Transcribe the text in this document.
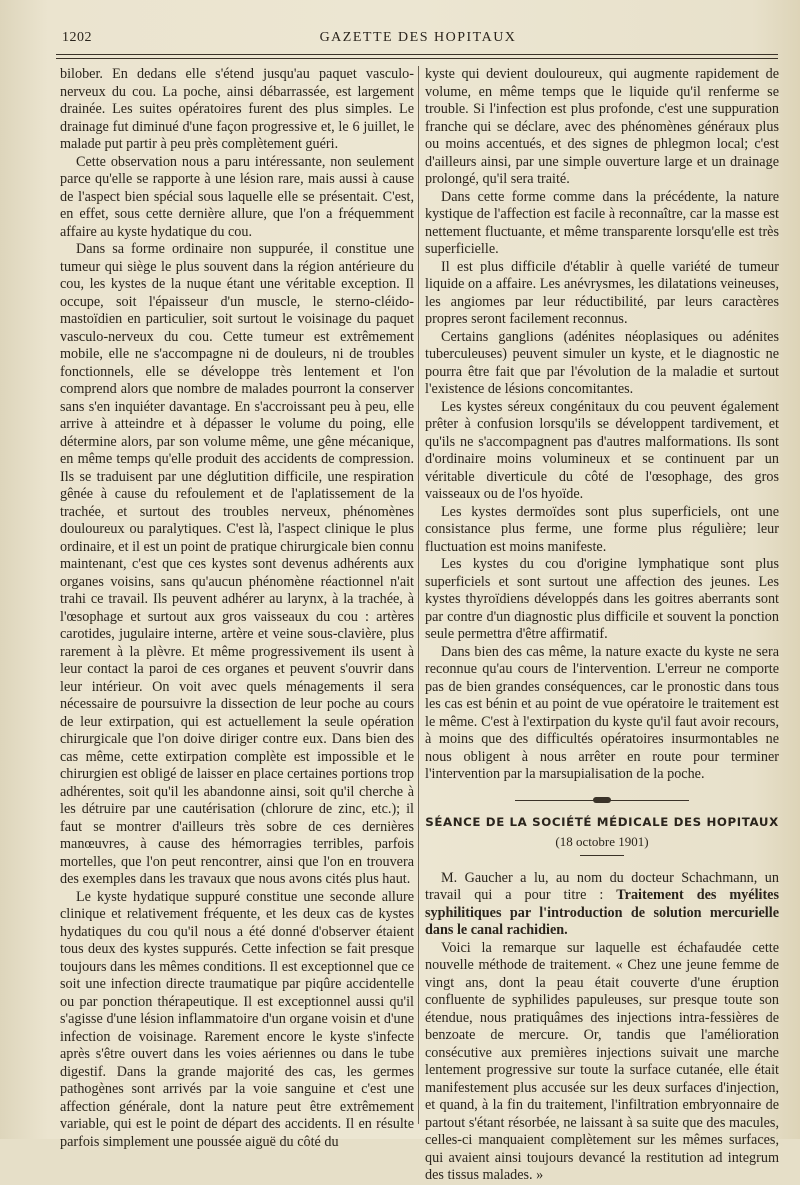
1202	GAZETTE DES HOPITAUX

bilober. En dedans elle s'étend jusqu'au paquet vasculo-nerveux du cou. La poche, ainsi débarrassée, est largement drainée. Les suites opératoires furent des plus simples. Le drainage fut diminué d'une façon progressive et, le 6 juillet, le malade put partir à peu près complètement guéri.

Cette observation nous a paru intéressante, non seulement parce qu'elle se rapporte à une lésion rare, mais aussi à cause de l'aspect bien spécial sous laquelle elle se présentait. C'est, en effet, sous cette dernière allure, que l'on a fréquemment affaire au kyste hydatique du cou.

Dans sa forme ordinaire non suppurée, il constitue une tumeur qui siège le plus souvent dans la région antérieure du cou, les kystes de la nuque étant une véritable exception. Il occupe, soit l'épaisseur d'un muscle, le sterno-cléido-mastoïdien en particulier, soit surtout le voisinage du paquet vasculo-nerveux du cou. Cette tumeur est extrêmement mobile, elle ne s'accompagne ni de douleurs, ni de troubles fonctionnels, elle se développe très lentement et l'on comprend alors que nombre de malades pourront la conserver sans s'en inquiéter davantage. En s'accroissant peu à peu, elle arrive à atteindre et à dépasser le volume du poing, elle détermine alors, par son volume même, une gêne mécanique, en même temps qu'elle produit des accidents de compression. Ils se traduisent par une déglutition difficile, une respiration gênée à cause du refoulement et de l'aplatissement de la trachée, et surtout des troubles nerveux, phénomènes douloureux ou paralytiques. C'est là, l'aspect clinique le plus ordinaire, et il est un point de pratique chirurgicale bien connu maintenant, c'est que ces kystes sont devenus adhérents aux organes voisins, sans qu'aucun phénomène réactionnel n'ait trahi ce travail. Ils peuvent adhérer au larynx, à la trachée, à l'œsophage et surtout aux gros vaisseaux du cou : artères carotides, jugulaire interne, artère et veine sous-clavière, plus rarement à la plèvre. Et même progressivement ils usent à leur contact la paroi de ces organes et peuvent s'ouvrir dans leur intérieur. On voit avec quels ménagements il sera nécessaire de poursuivre la dissection de leur poche au cours de leur extirpation, qui est actuellement la seule opération chirurgicale que l'on doive diriger contre eux. Dans bien des cas même, cette extirpation complète est impossible et le chirurgien est obligé de laisser en place certaines portions trop adhérentes, soit qu'il les abandonne ainsi, soit qu'il cherche à les détruire par une cautérisation (chlorure de zinc, etc.); il faut se montrer d'ailleurs très sobre de ces dernières manœuvres, à cause des hémorragies terribles, parfois mortelles, que l'on peut rencontrer, ainsi que l'on en trouvera des exemples dans les travaux que nous avons cités plus haut.

Le kyste hydatique suppuré constitue une seconde allure clinique et relativement fréquente, et les deux cas de kystes hydatiques du cou qu'il nous a été donné d'observer étaient tous deux des kystes suppurés. Cette infection se fait presque toujours dans les mêmes conditions. Il est exceptionnel que ce soit une infection directe traumatique par piqûre accidentelle ou par ponction thérapeutique. Il est exceptionnel aussi qu'il s'agisse d'une lésion inflammatoire d'un organe voisin et d'une infection de voisinage. Rarement encore le kyste s'infecte après s'être ouvert dans les voies aériennes ou dans le tube digestif. Dans la grande majorité des cas, les germes pathogènes sont arrivés par la voie sanguine et c'est une affection générale, dont la nature peut être extrêmement variable, qui est le point de départ des accidents. Il en résulte parfois simplement une poussée aiguë du côté du

kyste qui devient douloureux, qui augmente rapidement de volume, en même temps que le liquide qu'il renferme se trouble. Si l'infection est plus profonde, c'est une suppuration franche qui se déclare, avec des phénomènes généraux plus ou moins accentués, et des signes de phlegmon local; c'est d'ailleurs ainsi, par une simple ouverture large et un drainage prolongé, qu'il sera traité.

Dans cette forme comme dans la précédente, la nature kystique de l'affection est facile à reconnaître, car la masse est nettement fluctuante, et même transparente lorsqu'elle est très superficielle.

Il est plus difficile d'établir à quelle variété de tumeur liquide on a affaire. Les anévrysmes, les dilatations veineuses, les angiomes par leur réductibilité, par leurs caractères propres seront facilement reconnus.

Certains ganglions (adénites néoplasiques ou adénites tuberculeuses) peuvent simuler un kyste, et le diagnostic ne pourra être fait que par l'évolution de la maladie et surtout l'existence de lésions concomitantes.

Les kystes séreux congénitaux du cou peuvent également prêter à confusion lorsqu'ils se développent tardivement, et qu'ils ne s'accompagnent pas d'autres malformations. Ils sont d'ordinaire moins volumineux et se continuent par un véritable diverticule du côté de l'œsophage, des gros vaisseaux ou de l'os hyoïde.

Les kystes dermoïdes sont plus superficiels, ont une consistance plus ferme, une forme plus régulière; leur fluctuation est moins manifeste.

Les kystes du cou d'origine lymphatique sont plus superficiels et sont surtout une affection des jeunes. Les kystes thyroïdiens développés dans les goitres aberrants sont par contre d'un diagnostic plus difficile et souvent la ponction seule permettra d'être affirmatif.

Dans bien des cas même, la nature exacte du kyste ne sera reconnue qu'au cours de l'intervention. L'erreur ne comporte pas de bien grandes conséquences, car le pronostic dans tous les cas est bénin et au point de vue opératoire le traitement est le même. C'est à l'extirpation du kyste qu'il faut avoir recours, à moins que des difficultés opératoires insurmontables ne nous obligent à nous arrêter en route pour terminer l'intervention par la marsupialisation de la poche.

SÉANCE DE LA SOCIÉTÉ MÉDICALE DES HOPITAUX
(18 octobre 1901)

M. Gaucher a lu, au nom du docteur Schachmann, un travail qui a pour titre : Traitement des myélites syphilitiques par l'introduction de solution mercurielle dans le canal rachidien.

Voici la remarque sur laquelle est échafaudée cette nouvelle méthode de traitement. « Chez une jeune femme de vingt ans, dont la peau était couverte d'une éruption confluente de syphilides papuleuses, sur presque toute son étendue, nous pratiquâmes des injections intra-fessières de benzoate de mercure. Or, tandis que l'amélioration consécutive aux premières injections suivait une marche lentement progressive sur toute la surface cutanée, elle était manifestement plus accusée sur les deux surfaces d'injection, et quand, à la fin du traitement, l'infiltration embryonnaire de partout s'étant résorbée, ne laissant à sa suite que des macules, celles-ci manquaient complètement sur les mêmes surfaces, qui avaient ainsi toujours devancé la restitution ad integrum des tissus malades. »
